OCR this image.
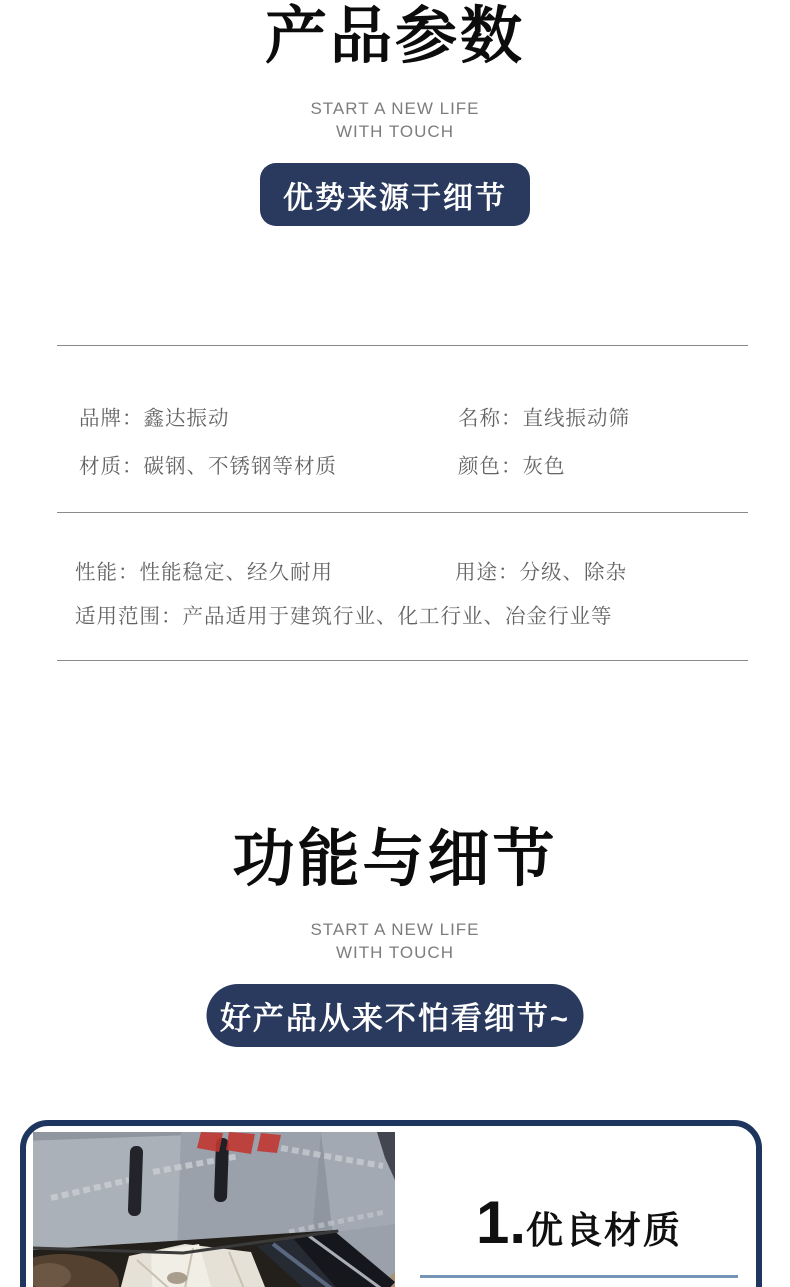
产品参数
START A NEW LIFE
WITH TOUCH
优势来源于细节
品牌：鑫达振动	名称：直线振动筛
材质：碳钢、不锈钢等材质	颜色：灰色
性能：性能稳定、经久耐用	用途：分级、除杂
适用范围：产品适用于建筑行业、化工行业、冶金行业等
功能与细节
START A NEW LIFE
WITH TOUCH
好产品从来不怕看细节~
1. 优良材质
